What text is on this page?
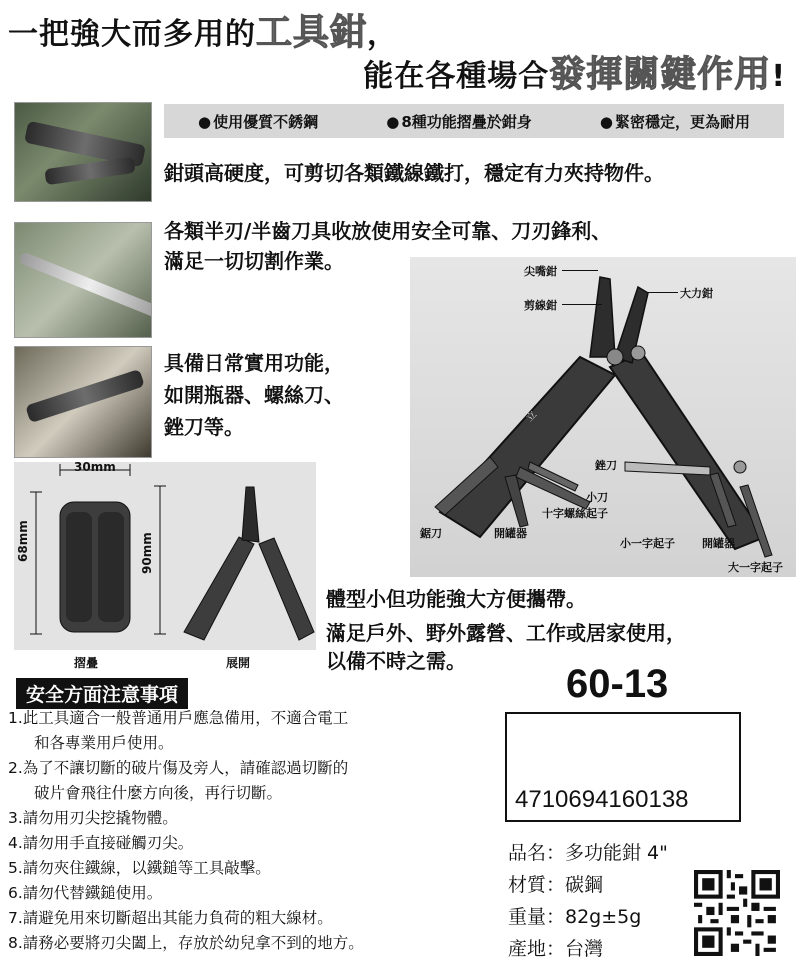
一把強大而多用的工具鉗，
能在各種場合發揮關鍵作用!
● 使用優質不銹鋼	● 8種功能摺疊於鉗身	● 緊密穩定，更為耐用
鉗頭高硬度，可剪切各類鐵線鐵打，穩定有力夾持物件。
各類半刃/半齒刀具收放使用安全可靠、刀刃鋒利、
滿足一切切割作業。
具備日常實用功能，
如開瓶器、螺絲刀、
銼刀等。	立
尖嘴鉗
剪線鉗
大力鉗
銼刀
小刀
十字螺絲起子
鋸刀	開罐器
小一字起子 開罐器
大一字起子
30mm
68mm	90mm
摺疊	展開
體型小但功能強大方便攜帶。
滿足戶外、野外露營、工作或居家使用，
以備不時之需。
安全方面注意事項
1.此工具適合一般普通用戶應急備用，不適合電工
和各專業用戶使用。
2.為了不讓切斷的破片傷及旁人，請確認過切斷的
破片會飛往什麼方向後，再行切斷。
3.請勿用刃尖挖撬物體。
4.請勿用手直接碰觸刃尖。
5.請勿夾住鐵線，以鐵鎚等工具敲擊。
6.請勿代替鐵鎚使用。
7.請避免用來切斷超出其能力負荷的粗大線材。
8.請務必要將刃尖闔上，存放於幼兒拿不到的地方。
60-13
4710694160138
品名：多功能鉗 4"
材質：碳鋼
重量：82g±5g
產地：台灣
